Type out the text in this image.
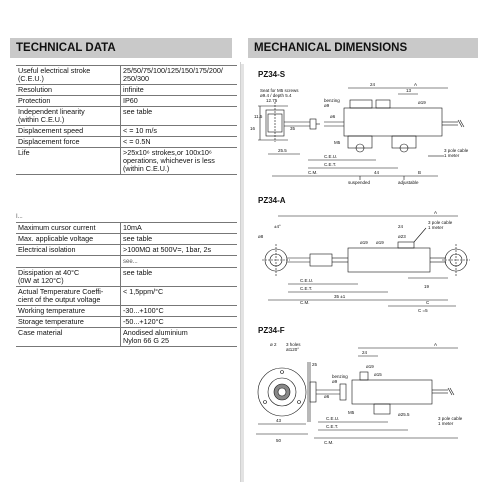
TECHNICAL DATA	MECHANICAL DIMENSIONS
Useful electrical stroke
(C.E.U.)	25/50/75/100/125/150/175/200/
250/300
Resolution	infinite
Protection	IP60
Independent linearity
(within C.E.U.)	see table
Displacement speed	< = 10 m/s
Displacement force	< = 0.5N
Life	>25x10⁶ strokes,or 100x10⁶
operations, whichever is less
(within C.E.U.)
I...
Maximum cursor current	10mA
Max. applicable voltage	see table
Electrical isolation	>100MΩ at 500V=, 1bar, 2s
	see...
Dissipation at 40°C
(0W at 120°C)	see table
Actual Temperature Coeffi-
cient of the output voltage	< 1,5ppm/°C
Working temperature	-30...+100°C
Storage temperature	-50...+120°C
Case material	Anodised aluminium
Nylon 66 G 25
PZ34-S
Seat for M5 screws ø9.4 / depth 5.4
12.75
16
11.5
35
25.5
24
13
ø19
ø6
M5
A
B
44
C.E.U.
C.E.T.
C.M.
benzing ø9
3 pole cable 1 meter
suspended	adjustable
PZ34-A
±4°
ø8	ø23
ø19 ø19
24
A
35 ±1
19
C
C.E.U.
C.E.T.
C.M.
C =5
3 pole cable 1 meter
PZ34-F
ø 2 3 holes at120°
25
A
ø19
ø15
M5
ø6
ø25.5
24
43
50
C.E.U.
C.E.T.
C.M.
benzing ø9
3 pole cable 1 meter
